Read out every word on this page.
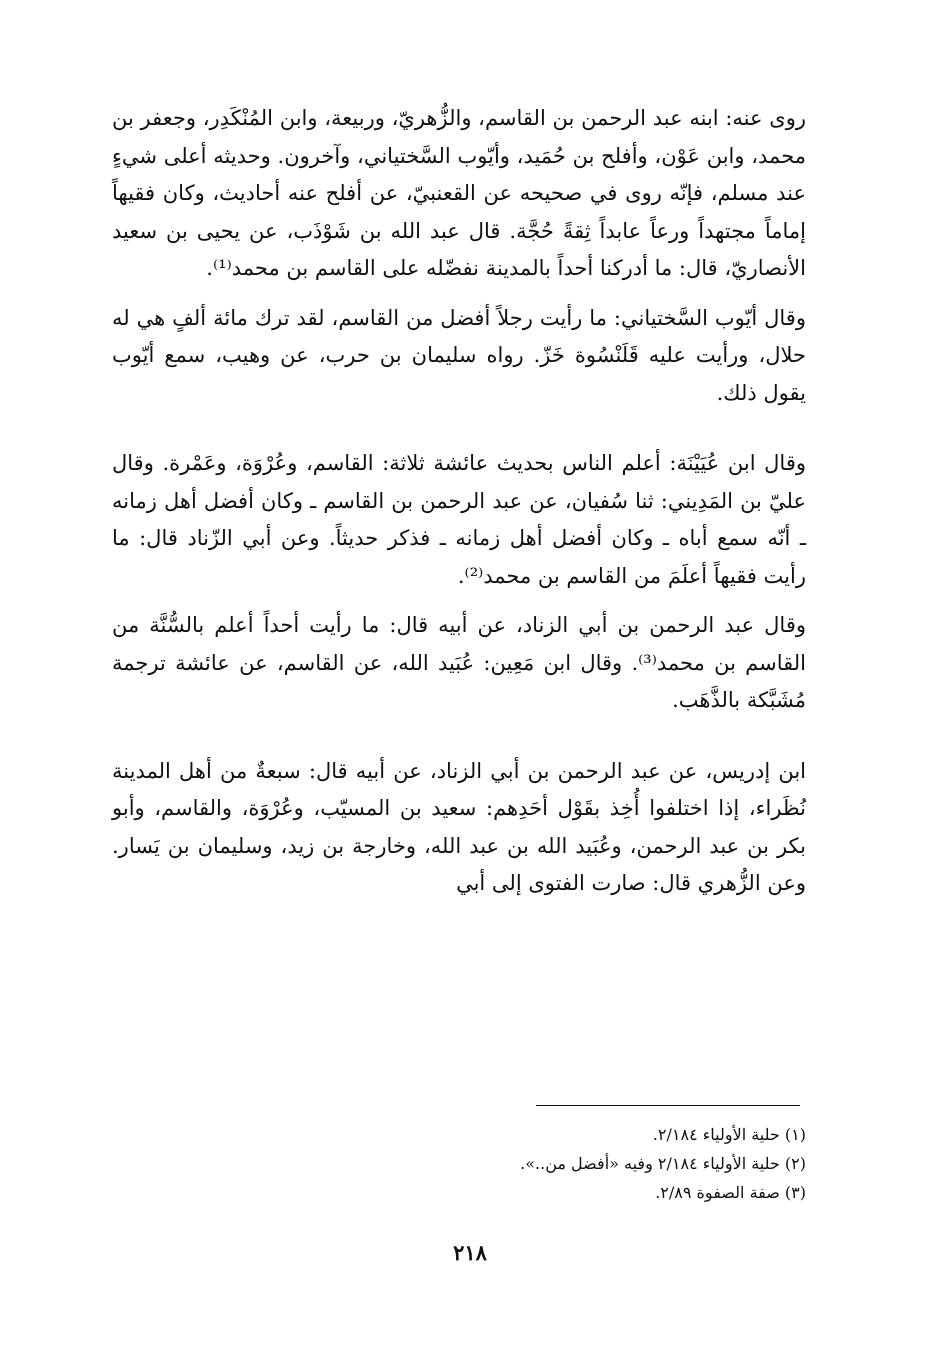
روى عنه: ابنه عبد الرحمن بن القاسم، والزُّهريّ، وربيعة، وابن المُنْكَدِر، وجعفر بن محمد، وابن عَوْن، وأفلح بن حُمَيد، وأيّوب السَّختياني، وآخرون. وحديثه أعلى شيءٍ عند مسلم، فإنّه روى في صحيحه عن القعنبيّ، عن أفلح عنه أحاديث، وكان فقيهاً إماماً مجتهداً ورعاً عابداً ثِقةً حُجَّة. قال عبد الله بن شَوْذَب، عن يحيى بن سعيد الأنصاريّ، قال: ما أدركنا أحداً بالمدينة نفضّله على القاسم بن محمد⁽¹⁾.

وقال أيّوب السَّختياني: ما رأيت رجلاً أفضل من القاسم، لقد ترك مائة ألفٍ هي له حلال، ورأيت عليه قَلَنْسُوة خَزّ. رواه سليمان بن حرب، عن وهيب، سمع أيّوب يقول ذلك.

وقال ابن عُيَيْنَة: أعلم الناس بحديث عائشة ثلاثة: القاسم، وعُرْوَة، وعَمْرة. وقال عليّ بن المَدِيني: ثنا سُفيان، عن عبد الرحمن بن القاسم ـ وكان أفضل أهل زمانه ـ أنّه سمع أباه ـ وكان أفضل أهل زمانه ـ فذكر حديثاً. وعن أبي الزّناد قال: ما رأيت فقيهاً أعلَمَ من القاسم بن محمد⁽²⁾.

وقال عبد الرحمن بن أبي الزناد، عن أبيه قال: ما رأيت أحداً أعلم بالسُّنَّة من القاسم بن محمد⁽³⁾. وقال ابن مَعِين: عُبَيد الله، عن القاسم، عن عائشة ترجمة مُشَبَّكة بالذَّهَب.

ابن إدريس، عن عبد الرحمن بن أبي الزناد، عن أبيه قال: سبعةٌ من أهل المدينة نُظَراء، إذا اختلفوا أُخِذ بقَوْل أحَدِهم: سعيد بن المسيّب، وعُرْوَة، والقاسم، وأبو بكر بن عبد الرحمن، وعُبَيد الله بن عبد الله، وخارجة بن زيد، وسليمان بن يَسار. وعن الزُّهري قال: صارت الفتوى إلى أبي

(١) حلية الأولياء ٢/١٨٤.

(٢) حلية الأولياء ٢/١٨٤ وفيه «أفضل من..».

(٣) صفة الصفوة ٢/٨٩.

٢١٨
